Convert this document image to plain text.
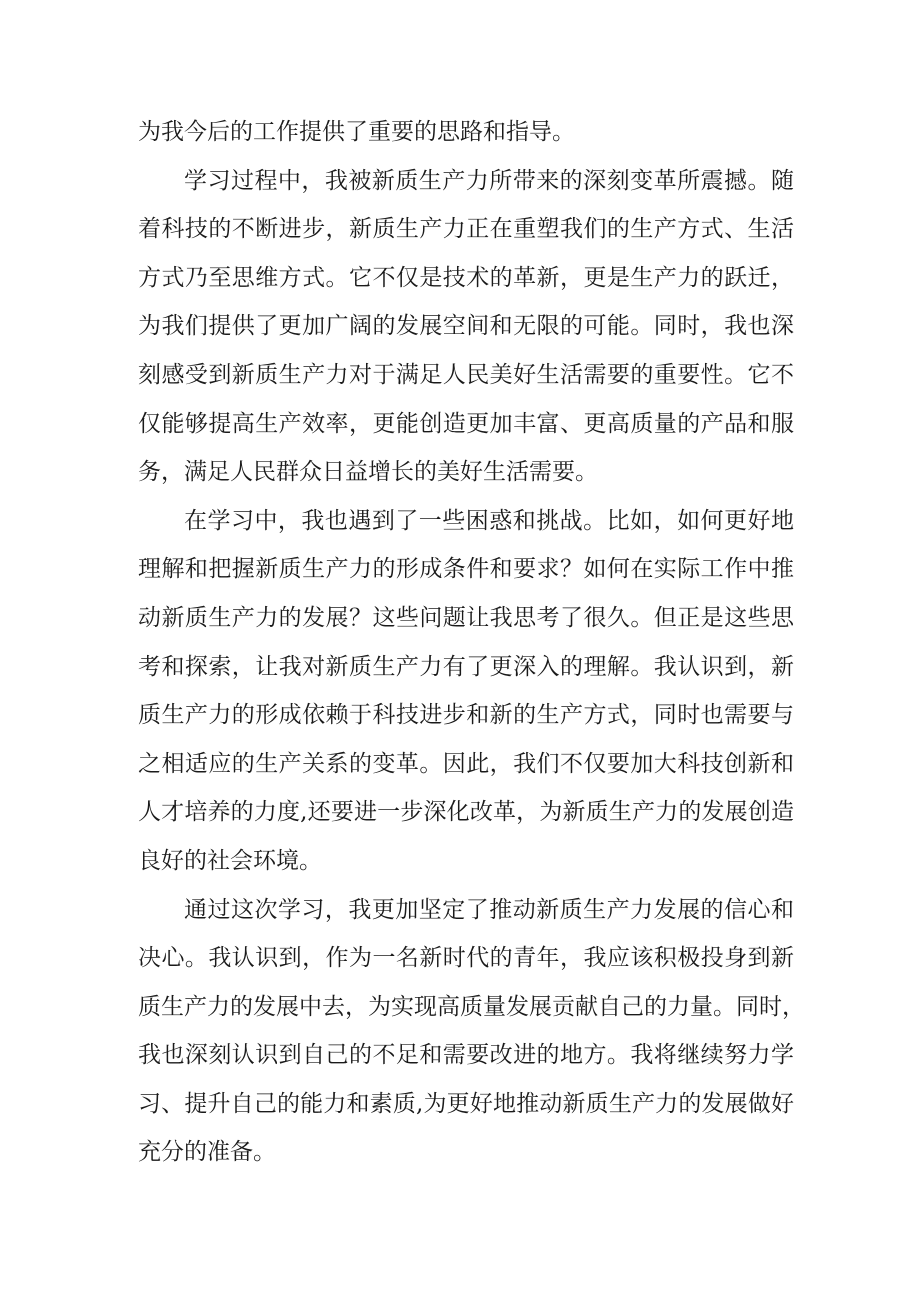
为我今后的工作提供了重要的思路和指导。
学习过程中，我被新质生产力所带来的深刻变革所震撼。随
着科技的不断进步，新质生产力正在重塑我们的生产方式、生活
方式乃至思维方式。它不仅是技术的革新，更是生产力的跃迁，
为我们提供了更加广阔的发展空间和无限的可能。同时，我也深
刻感受到新质生产力对于满足人民美好生活需要的重要性。它不
仅能够提高生产效率，更能创造更加丰富、更高质量的产品和服
务，满足人民群众日益增长的美好生活需要。
在学习中，我也遇到了一些困惑和挑战。比如，如何更好地
理解和把握新质生产力的形成条件和要求？如何在实际工作中推
动新质生产力的发展？这些问题让我思考了很久。但正是这些思
考和探索，让我对新质生产力有了更深入的理解。我认识到，新
质生产力的形成依赖于科技进步和新的生产方式，同时也需要与
之相适应的生产关系的变革。因此，我们不仅要加大科技创新和
人才培养的力度,还要进一步深化改革，为新质生产力的发展创造
良好的社会环境。
通过这次学习，我更加坚定了推动新质生产力发展的信心和
决心。我认识到，作为一名新时代的青年，我应该积极投身到新
质生产力的发展中去，为实现高质量发展贡献自己的力量。同时，
我也深刻认识到自己的不足和需要改进的地方。我将继续努力学
习、提升自己的能力和素质,为更好地推动新质生产力的发展做好
充分的准备。
